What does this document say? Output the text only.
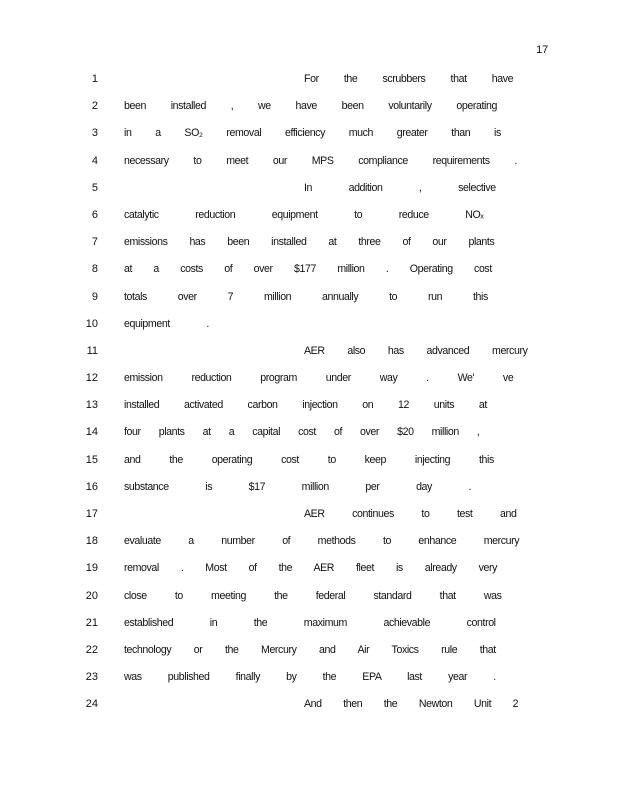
17
1	For the scrubbers that have
2 been installed , we have been voluntarily operating
3 in a SO₂ removal efficiency much greater than is
4 necessary to meet our MPS compliance requirements .
5	In addition , selective
6 catalytic reduction equipment to reduce NOₓ
7 emissions has been installed at three of our plants
8 at a costs of over $177 million . Operating cost
9 totals over 7 million annually to run this
10 equipment .
11	AER also has advanced mercury
12 emission reduction program under way . We' ve
13 installed activated carbon injection on 12 units at
14 four plants at a capital cost of over $20 million ,
15 and the operating cost to keep injecting this
16 substance is $17 million per day .
17	AER continues to test and
18 evaluate a number of methods to enhance mercury
19 removal . Most of the AER fleet is already very
20 close to meeting the federal standard that was
21 established in the maximum achievable control
22 technology or the Mercury and Air Toxics rule that
23 was published finally by the EPA last year .
24	And then the Newton Unit 2
